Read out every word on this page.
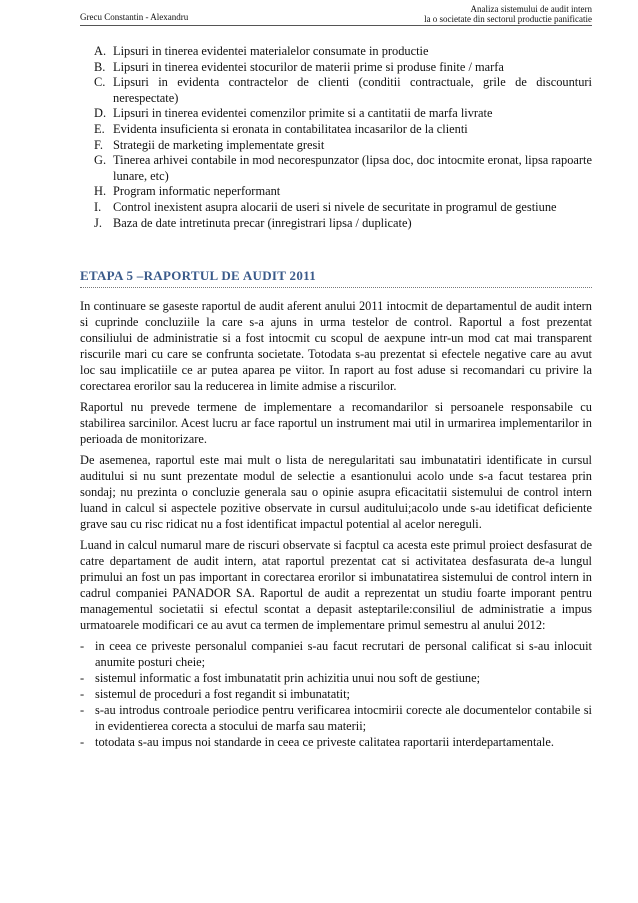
Grecu Constantin - Alexandru
Analiza sistemului de audit intern
la o societate din sectorul productie panificatie
A. Lipsuri in tinerea evidentei materialelor consumate in productie
B. Lipsuri in tinerea evidentei stocurilor de materii prime si produse finite / marfa
C. Lipsuri in evidenta contractelor de clienti (conditii contractuale, grile de discounturi nerespectate)
D. Lipsuri in tinerea evidentei comenzilor primite si a cantitatii de marfa livrate
E. Evidenta insuficienta si eronata in contabilitatea incasarilor de la clienti
F. Strategii de marketing implementate gresit
G. Tinerea arhivei contabile in mod necorespunzator (lipsa doc, doc intocmite eronat, lipsa rapoarte lunare, etc)
H. Program informatic neperformant
I. Control inexistent asupra alocarii de useri si nivele de securitate in programul de gestiune
J. Baza de date intretinuta precar (inregistrari lipsa / duplicate)
ETAPA 5 –RAPORTUL DE AUDIT 2011

In continuare se gaseste raportul de audit aferent anului 2011 intocmit de departamentul de audit intern si cuprinde concluziile la care s-a ajuns in urma testelor de control. Raportul a fost prezentat consiliului de administratie si a fost intocmit cu scopul de aexpune intr-un mod cat mai transparent riscurile mari cu care se confrunta societate. Totodata s-au prezentat si efectele negative care au avut loc sau implicatiile ce ar putea aparea pe viitor. In raport au fost aduse si recomandari cu privire la corectarea erorilor sau la reducerea in limite admise a riscurilor.

Raportul nu prevede termene de implementare a recomandarilor si persoanele responsabile cu stabilirea sarcinilor. Acest lucru ar face raportul un instrument mai util in urmarirea implementarilor in perioada de monitorizare.

De asemenea, raportul este mai mult o lista de neregularitati sau imbunatatiri identificate in cursul auditului si nu sunt prezentate modul de selectie a esantionului acolo unde s-a facut testarea prin sondaj; nu prezinta o concluzie generala sau o opinie asupra eficacitatii sistemului de control intern luand in calcul si aspectele pozitive observate in cursul auditului;acolo unde s-au idetificat deficiente grave sau cu risc ridicat nu a fost identificat impactul potential al acelor nereguli.

Luand in calcul numarul mare de riscuri observate si facptul ca acesta este primul proiect desfasurat de catre departament de audit intern, atat raportul prezentat cat si activitatea desfasurata de-a lungul primului an fost un pas important in corectarea erorilor si imbunatatirea sistemului de control intern in cadrul companiei PANADOR SA. Raportul de audit a reprezentat un studiu foarte imporant pentru managementul societatii si efectul scontat a depasit asteptarile:consiliul de administratie a impus urmatoarele modificari ce au avut ca termen de implementare primul semestru al anului 2012:

- in ceea ce priveste personalul companiei s-au facut recrutari de personal calificat si s-au inlocuit anumite posturi cheie;
- sistemul informatic a fost imbunatatit prin achizitia unui nou soft de gestiune;
- sistemul de proceduri a fost regandit si imbunatatit;
- s-au introdus controale periodice pentru verificarea intocmirii corecte ale documentelor contabile si in evidentierea corecta a stocului de marfa sau materii;
- totodata s-au impus noi standarde in ceea ce priveste calitatea raportarii interdepartamentale.
